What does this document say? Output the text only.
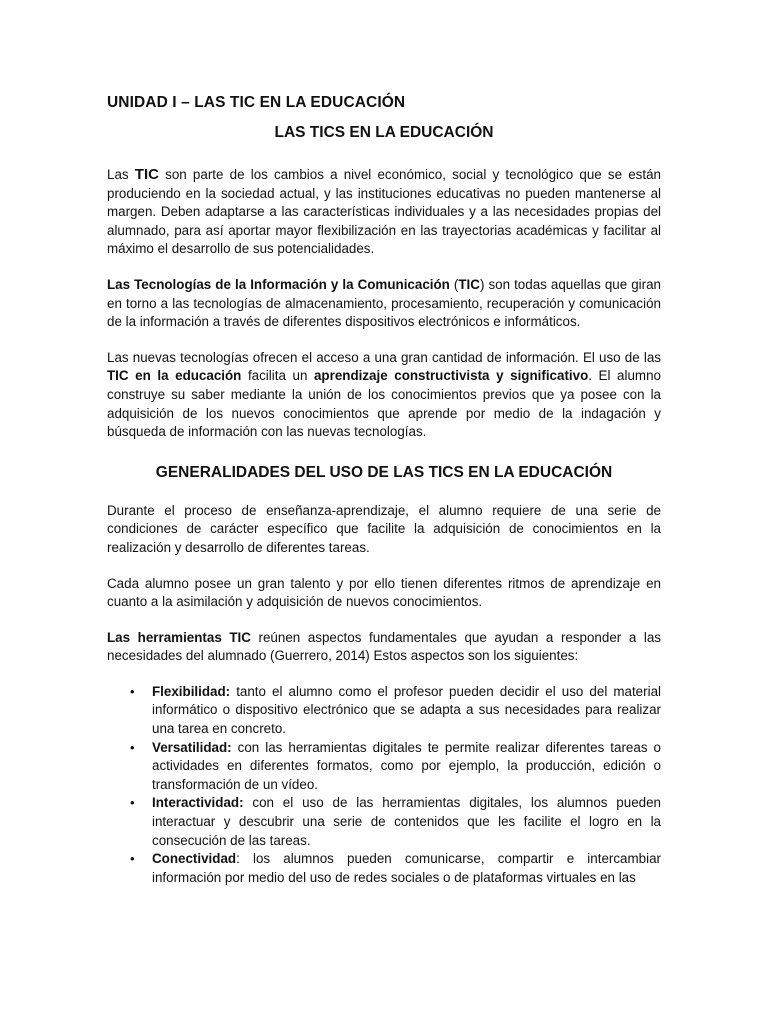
UNIDAD I – LAS TIC EN LA EDUCACIÓN
LAS TICS EN LA EDUCACIÓN

Las TIC son parte de los cambios a nivel económico, social y tecnológico que se están produciendo en la sociedad actual, y las instituciones educativas no pueden mantenerse al margen. Deben adaptarse a las características individuales y a las necesidades propias del alumnado, para así aportar mayor flexibilización en las trayectorias académicas y facilitar al máximo el desarrollo de sus potencialidades.

Las Tecnologías de la Información y la Comunicación (TIC) son todas aquellas que giran en torno a las tecnologías de almacenamiento, procesamiento, recuperación y comunicación de la información a través de diferentes dispositivos electrónicos e informáticos.

Las nuevas tecnologías ofrecen el acceso a una gran cantidad de información. El uso de las TIC en la educación facilita un aprendizaje constructivista y significativo. El alumno construye su saber mediante la unión de los conocimientos previos que ya posee con la adquisición de los nuevos conocimientos que aprende por medio de la indagación y búsqueda de información con las nuevas tecnologías.

GENERALIDADES DEL USO DE LAS TICS EN LA EDUCACIÓN

Durante el proceso de enseñanza-aprendizaje, el alumno requiere de una serie de condiciones de carácter específico que facilite la adquisición de conocimientos en la realización y desarrollo de diferentes tareas.

Cada alumno posee un gran talento y por ello tienen diferentes ritmos de aprendizaje en cuanto a la asimilación y adquisición de nuevos conocimientos.

Las herramientas TIC reúnen aspectos fundamentales que ayudan a responder a las necesidades del alumnado (Guerrero, 2014) Estos aspectos son los siguientes:

• Flexibilidad: tanto el alumno como el profesor pueden decidir el uso del material informático o dispositivo electrónico que se adapta a sus necesidades para realizar una tarea en concreto.
• Versatilidad: con las herramientas digitales te permite realizar diferentes tareas o actividades en diferentes formatos, como por ejemplo, la producción, edición o transformación de un vídeo.
• Interactividad: con el uso de las herramientas digitales, los alumnos pueden interactuar y descubrir una serie de contenidos que les facilite el logro en la consecución de las tareas.
• Conectividad: los alumnos pueden comunicarse, compartir e intercambiar información por medio del uso de redes sociales o de plataformas virtuales en las
